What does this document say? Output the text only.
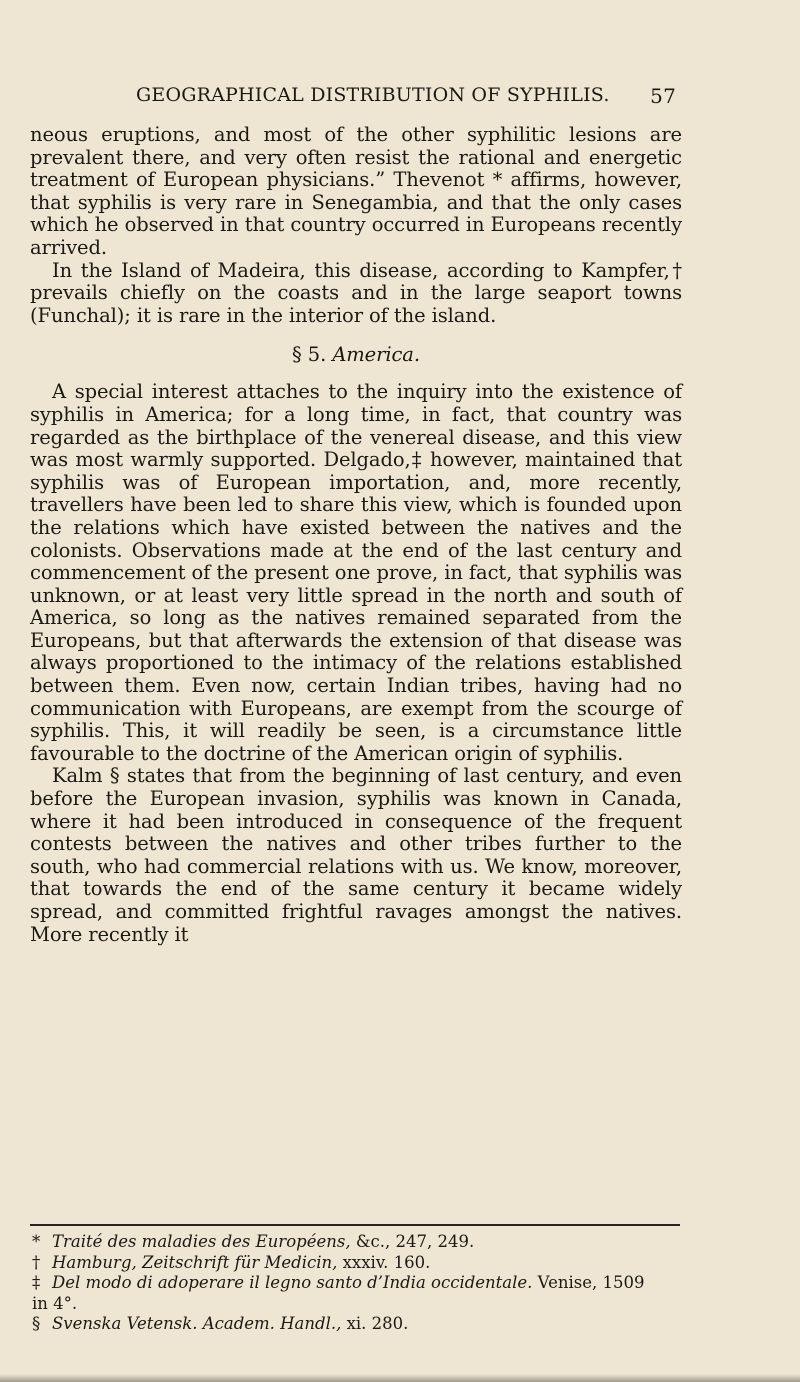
GEOGRAPHICAL DISTRIBUTION OF SYPHILIS. 57

neous eruptions, and most of the other syphilitic lesions are prevalent there, and very often resist the rational and energetic treatment of European physicians.” Thevenot * affirms, however, that syphilis is very rare in Senegambia, and that the only cases which he observed in that country occurred in Europeans recently arrived.

In the Island of Madeira, this disease, according to Kampfer,† prevails chiefly on the coasts and in the large seaport towns (Funchal); it is rare in the interior of the island.

§ 5. America.

A special interest attaches to the inquiry into the existence of syphilis in America; for a long time, in fact, that country was regarded as the birthplace of the venereal disease, and this view was most warmly supported. Delgado,‡ however, maintained that syphilis was of European importation, and, more recently, travellers have been led to share this view, which is founded upon the relations which have existed between the natives and the colonists. Observations made at the end of the last century and commencement of the present one prove, in fact, that syphilis was unknown, or at least very little spread in the north and south of America, so long as the natives remained separated from the Europeans, but that afterwards the extension of that disease was always proportioned to the intimacy of the relations established between them. Even now, certain Indian tribes, having had no communication with Europeans, are exempt from the scourge of syphilis. This, it will readily be seen, is a circumstance little favourable to the doctrine of the American origin of syphilis.

Kalm § states that from the beginning of last century, and even before the European invasion, syphilis was known in Canada, where it had been introduced in consequence of the frequent contests between the natives and other tribes further to the south, who had commercial relations with us. We know, moreover, that towards the end of the same century it became widely spread, and committed frightful ravages amongst the natives. More recently it

* Traité des maladies des Européens, &c., 247, 249.

† Hamburg, Zeitschrift für Medicin, xxxiv. 160.

‡ Del modo di adoperare il legno santo d’India occidentale. Venise, 1509

in 4°.

§ Svenska Vetensk. Academ. Handl., xi. 280.
